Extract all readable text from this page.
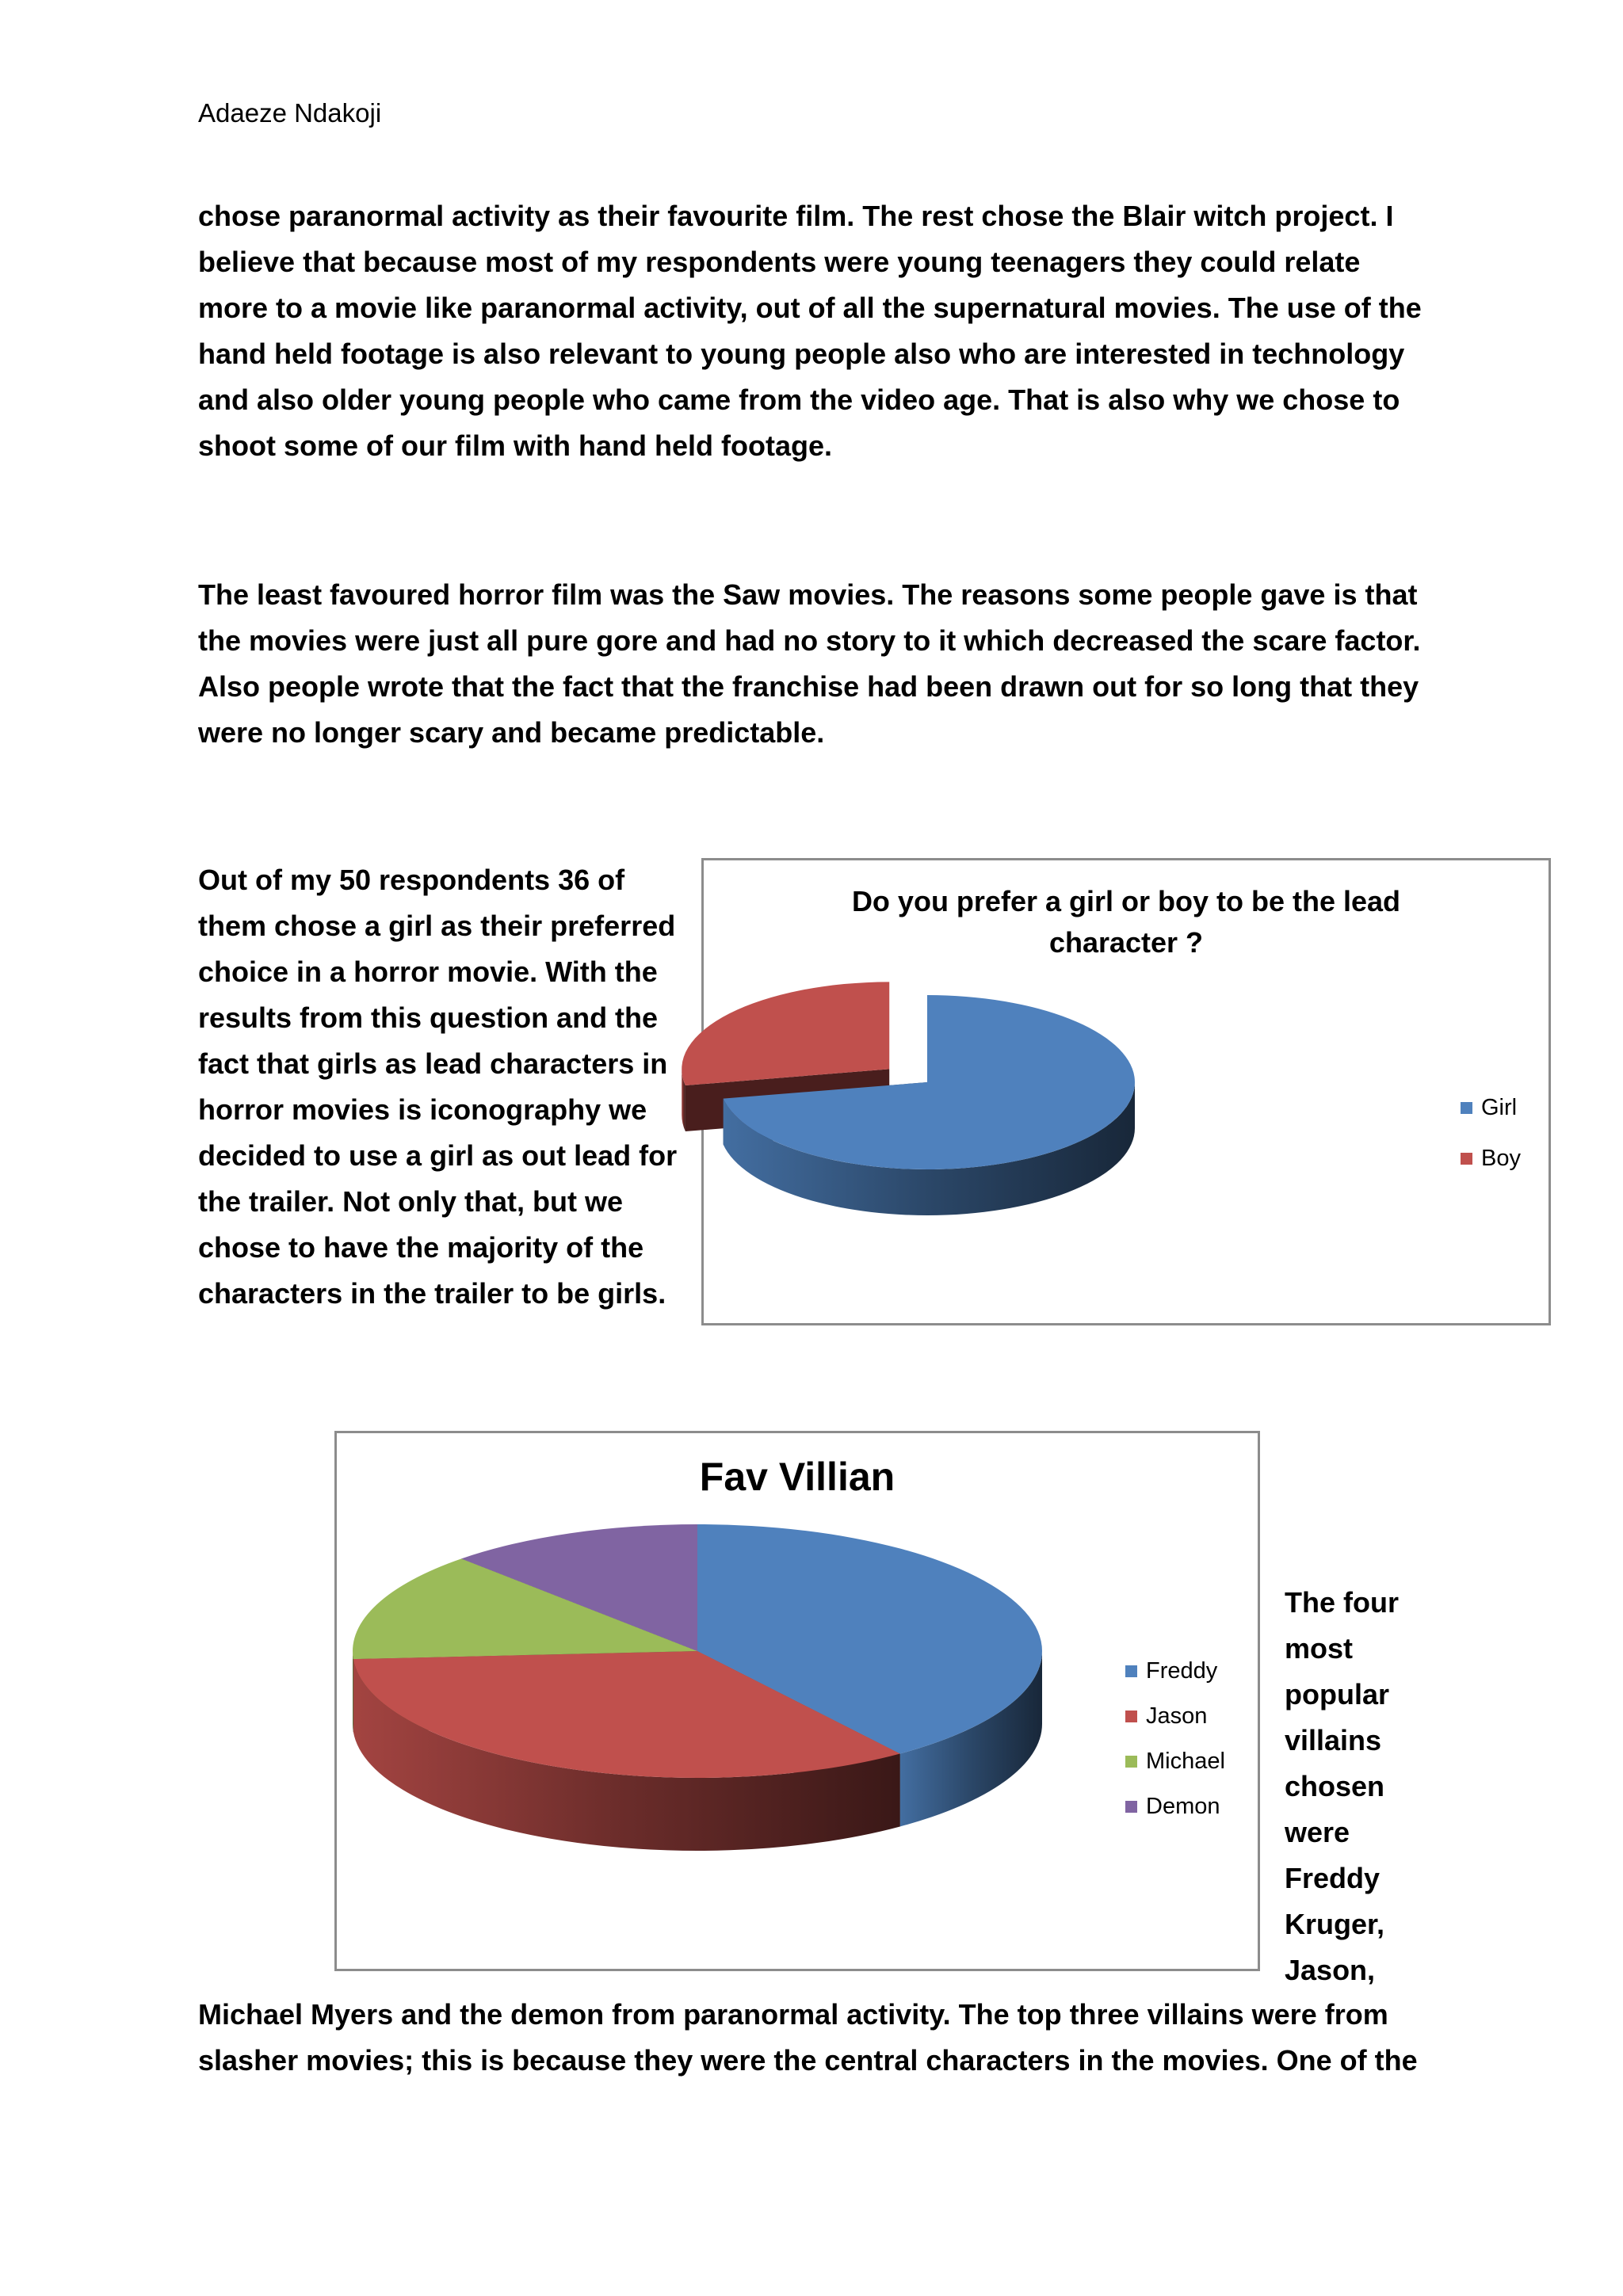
Adaeze Ndakoji

chose paranormal activity as their favourite film. The rest chose the Blair witch project. I believe that because most of my respondents were young teenagers they could relate more to a movie like paranormal activity, out of all the supernatural movies. The use of the hand held footage is also relevant to young people also who are interested in technology and also older young people who came from the video age. That is also why we chose to shoot some of our film with hand held footage.

The least favoured horror film was the Saw movies. The reasons some people gave is that the movies were just all pure gore and had no story to it which decreased the scare factor. Also people wrote that the fact that the franchise had been drawn out for so long that they were no longer scary and became predictable.

Out of my 50 respondents 36 of them chose a girl as their preferred choice in a horror movie. With the results from this question and the fact that girls as lead characters in horror movies is iconography we decided to use a girl as out lead for the trailer. Not only that, but we chose to have the majority of the characters in the trailer to be girls.

Do you prefer a girl or boy to be the lead character ?
Girl
Boy
Fav Villian
Freddy
Jason
Michael
Demon

The four most popular villains chosen were Freddy Kruger, Jason,

Michael Myers and the demon from paranormal activity. The top three villains were from slasher movies; this is because they were the central characters in the movies. One of the
